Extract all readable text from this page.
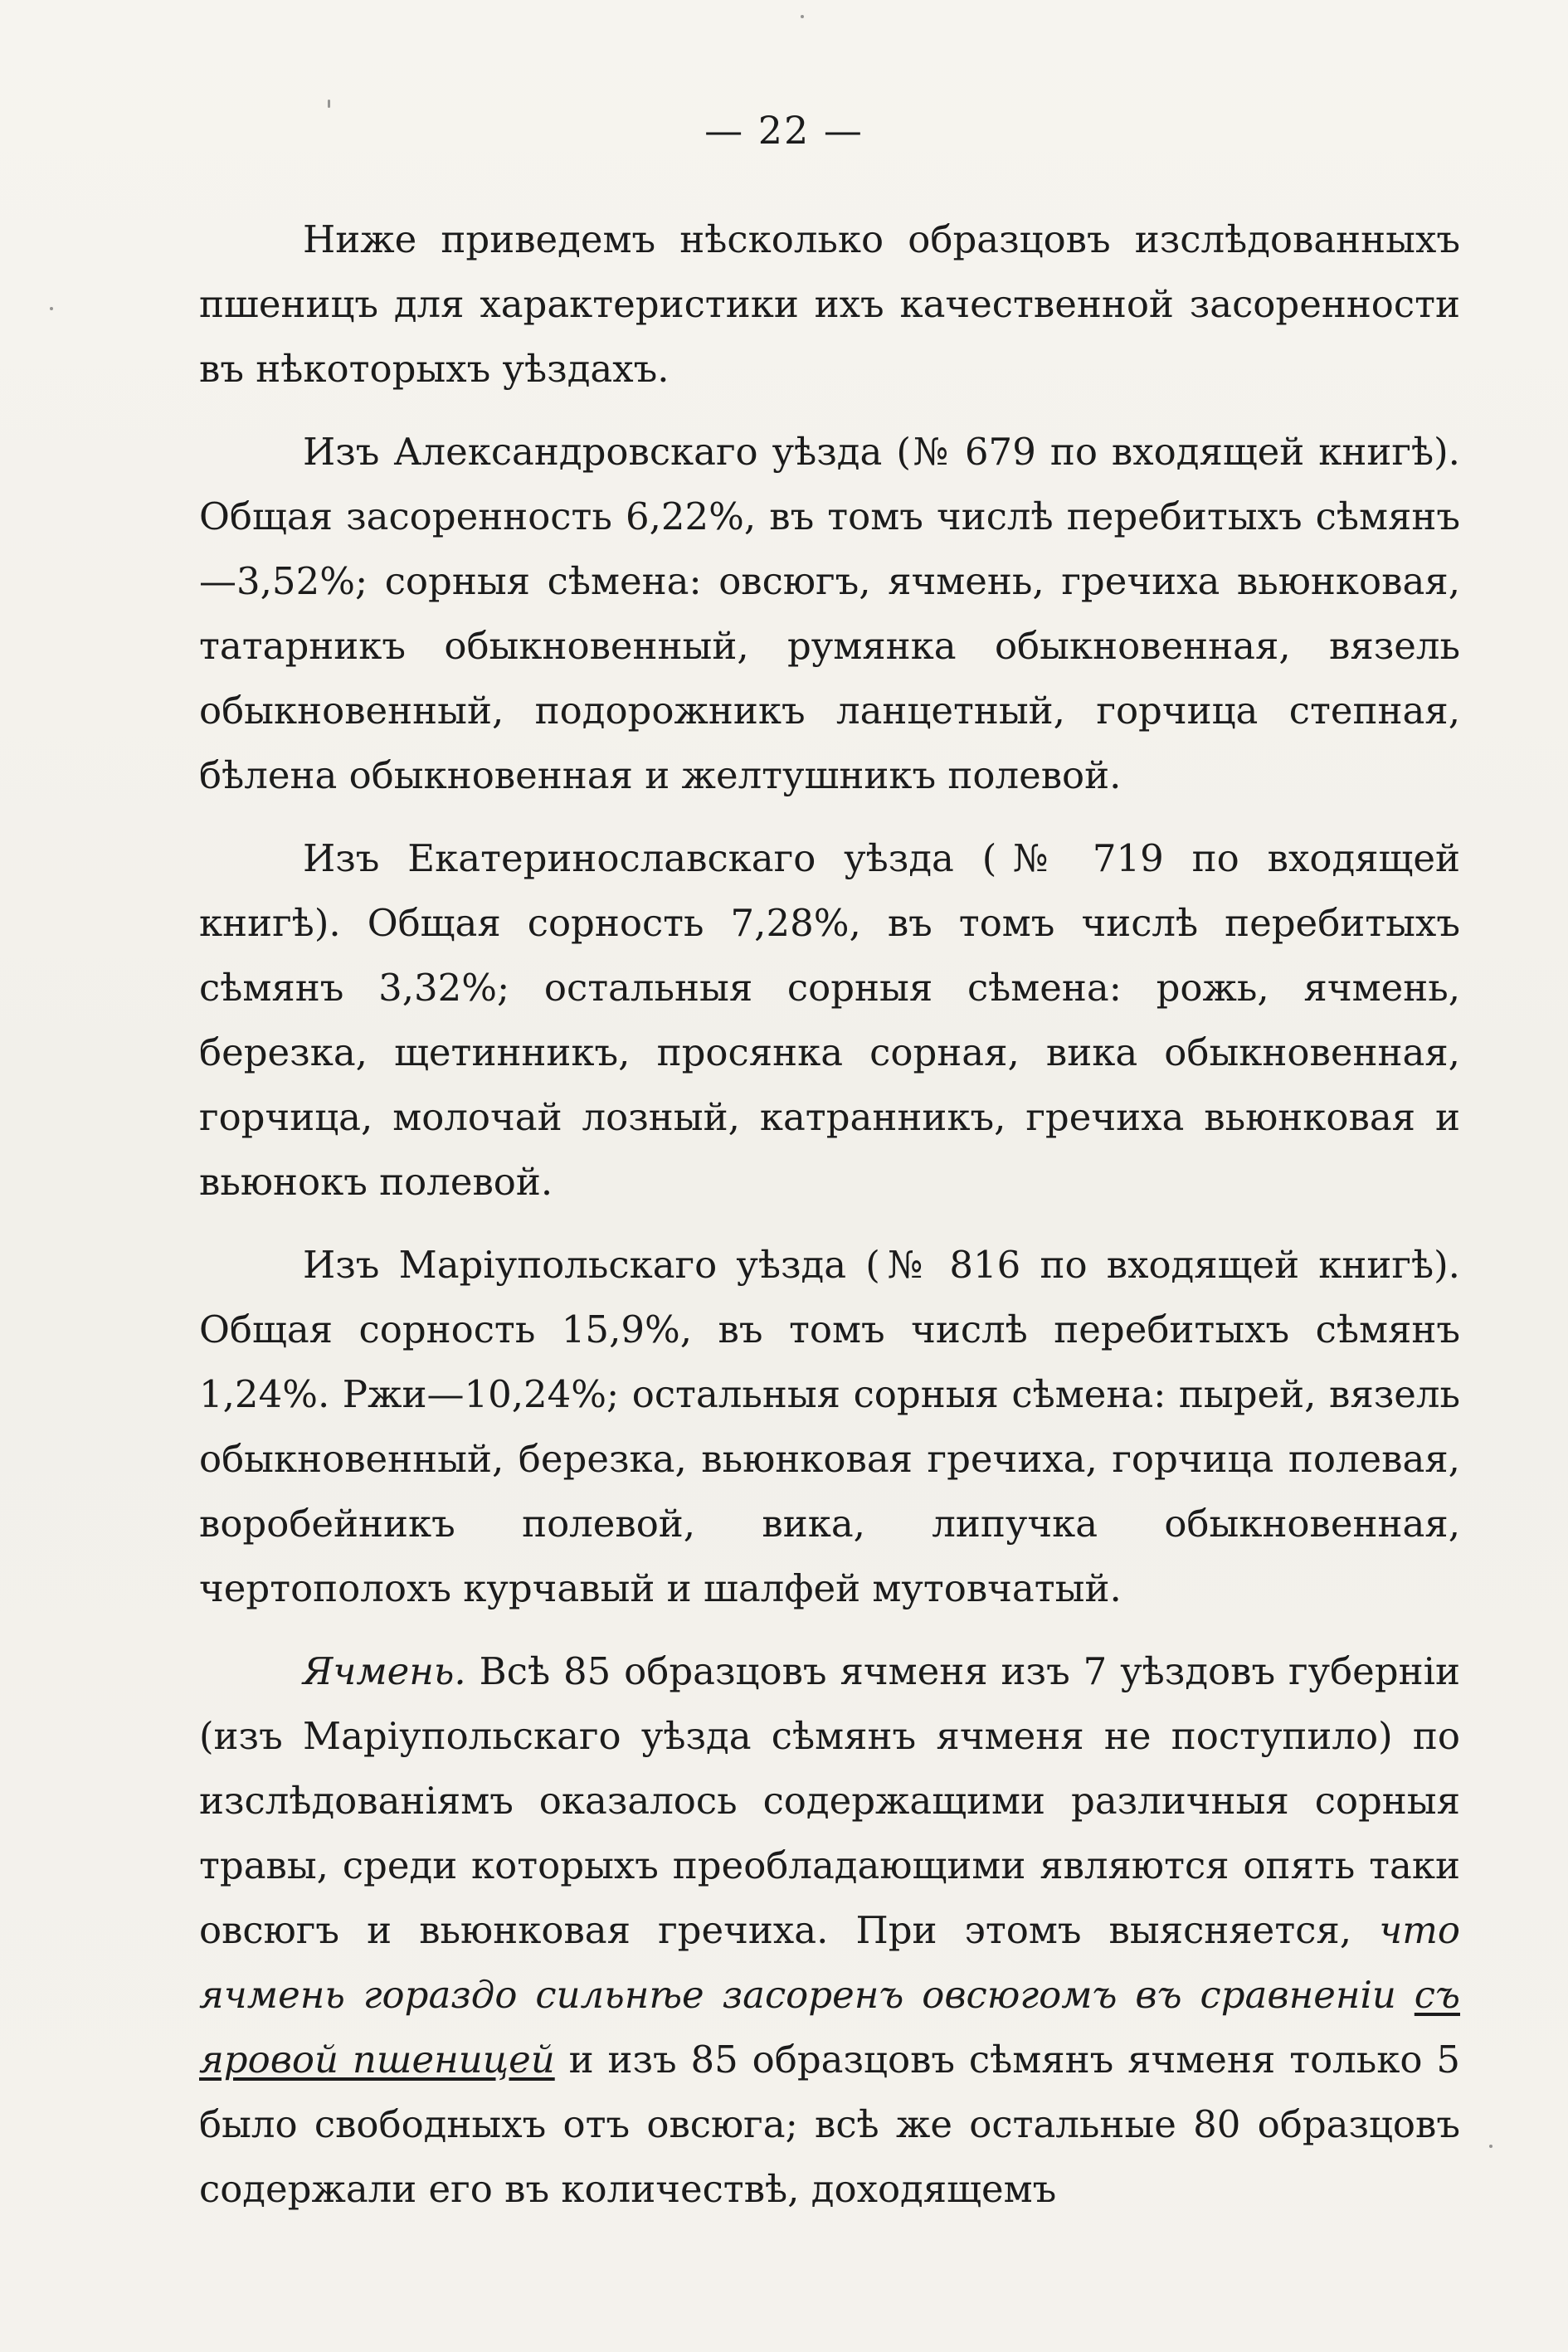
— 22 —

Ниже приведемъ нѣсколько образцовъ изслѣдованныхъ пшеницъ для характеристики ихъ качественной засоренности въ нѣкоторыхъ уѣздахъ.

Изъ Александровскаго уѣзда (№ 679 по входящей книгѣ). Общая засоренность 6,22%, въ томъ числѣ перебитыхъ сѣмянъ—3,52%; сорныя сѣмена: овсюгъ, ячмень, гречиха вьюнковая, татарникъ обыкновенный, румянка обыкновенная, вязель обыкновенный, подорожникъ ланцетный, горчица степная, бѣлена обыкновенная и желтушникъ полевой.

Изъ Екатеринославскаго уѣзда (№ 719 по входящей книгѣ). Общая сорность 7,28%, въ томъ числѣ перебитыхъ сѣмянъ 3,32%; остальныя сорныя сѣмена: рожь, ячмень, березка, щетинникъ, просянка сорная, вика обыкновенная, горчица, молочай лозный, катранникъ, гречиха вьюнковая и вьюнокъ полевой.

Изъ Маріупольскаго уѣзда (№ 816 по входящей книгѣ). Общая сорность 15,9%, въ томъ числѣ перебитыхъ сѣмянъ 1,24%. Ржи—10,24%; остальныя сорныя сѣмена: пырей, вязель обыкновенный, березка, вьюнковая гречиха, горчица полевая, воробейникъ полевой, вика, липучка обыкновенная, чертополохъ курчавый и шалфей мутовчатый.

Ячмень. Всѣ 85 образцовъ ячменя изъ 7 уѣздовъ губерніи (изъ Маріупольскаго уѣзда сѣмянъ ячменя не поступило) по изслѣдованіямъ оказалось содержащими различныя сорныя травы, среди которыхъ преобладающими являются опять таки овсюгъ и вьюнковая гречиха. При этомъ выясняется, что ячмень гораздо сильнѣе засоренъ овсюгомъ въ сравненіи съ яровой пшеницей и изъ 85 образцовъ сѣмянъ ячменя только 5 было свободныхъ отъ овсюга; всѣ же остальные 80 образцовъ содержали его въ количествѣ, доходящемъ
